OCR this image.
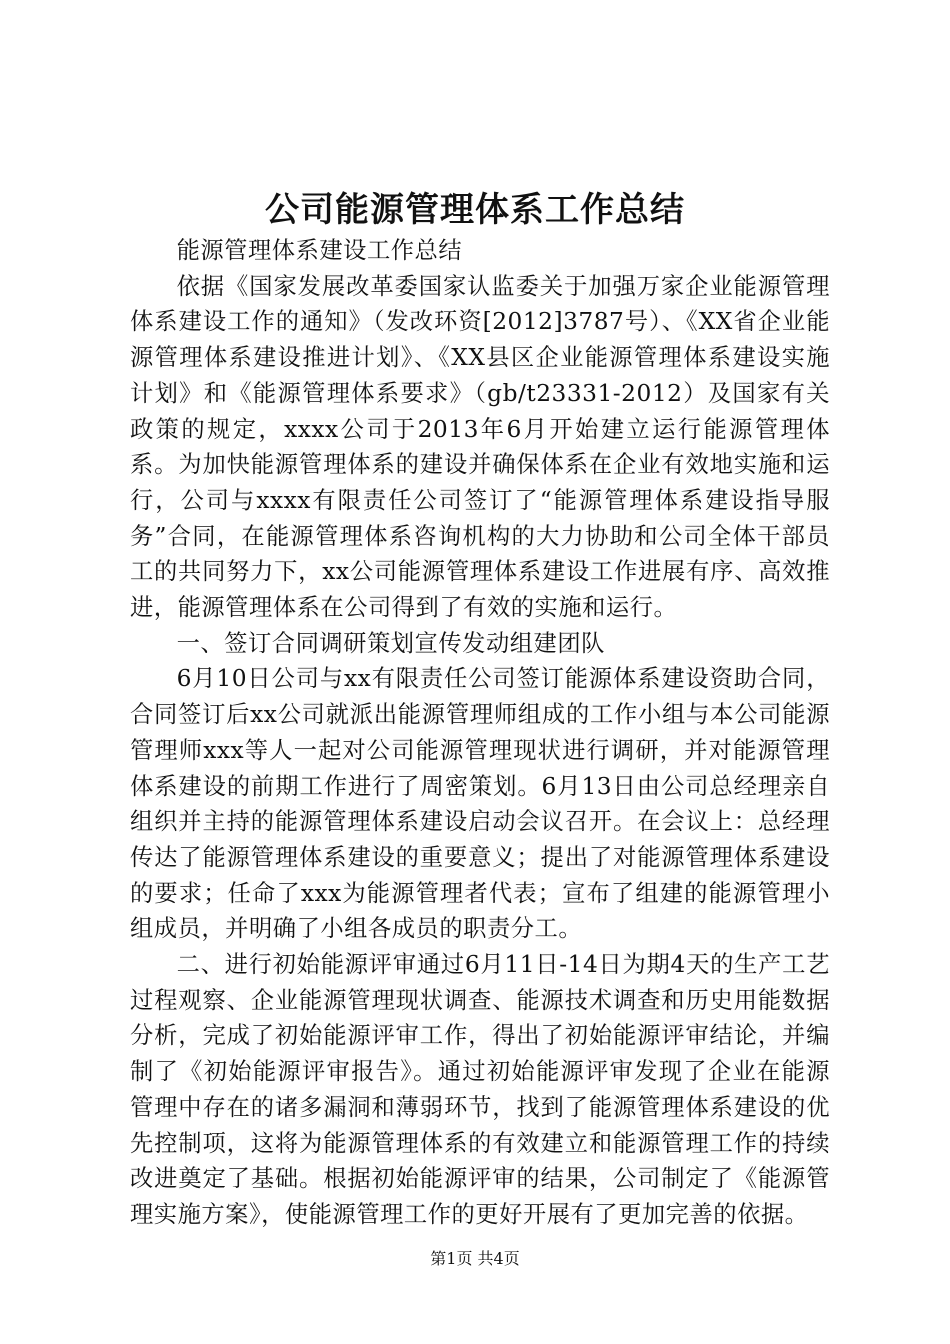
公司能源管理体系工作总结

能源管理体系建设工作总结

依据《国家发展改革委国家认监委关于加强万家企业能源管理体系建设工作的通知》（发改环资[2012]3787号）、《XX省企业能源管理体系建设推进计划》、《XX县区企业能源管理体系建设实施计划》和《能源管理体系要求》（gb/t23331-2012）及国家有关政策的规定，xxxx公司于2013年6月开始建立运行能源管理体系。为加快能源管理体系的建设并确保体系在企业有效地实施和运行，公司与xxxx有限责任公司签订了“能源管理体系建设指导服务”合同，在能源管理体系咨询机构的大力协助和公司全体干部员工的共同努力下，xx公司能源管理体系建设工作进展有序、高效推进，能源管理体系在公司得到了有效的实施和运行。

一、签订合同调研策划宣传发动组建团队

6月10日公司与xx有限责任公司签订能源体系建设资助合同，合同签订后xx公司就派出能源管理师组成的工作小组与本公司能源管理师xxx等人一起对公司能源管理现状进行调研，并对能源管理体系建设的前期工作进行了周密策划。6月13日由公司总经理亲自组织并主持的能源管理体系建设启动会议召开。在会议上：总经理传达了能源管理体系建设的重要意义；提出了对能源管理体系建设的要求；任命了xxx为能源管理者代表；宣布了组建的能源管理小组成员，并明确了小组各成员的职责分工。

二、进行初始能源评审通过6月11日-14日为期4天的生产工艺过程观察、企业能源管理现状调查、能源技术调查和历史用能数据分析，完成了初始能源评审工作，得出了初始能源评审结论，并编制了《初始能源评审报告》。通过初始能源评审发现了企业在能源管理中存在的诸多漏洞和薄弱环节，找到了能源管理体系建设的优先控制项，这将为能源管理体系的有效建立和能源管理工作的持续改进奠定了基础。根据初始能源评审的结果，公司制定了《能源管理实施方案》，使能源管理工作的更好开展有了更加完善的依据。

第1页 共4页
